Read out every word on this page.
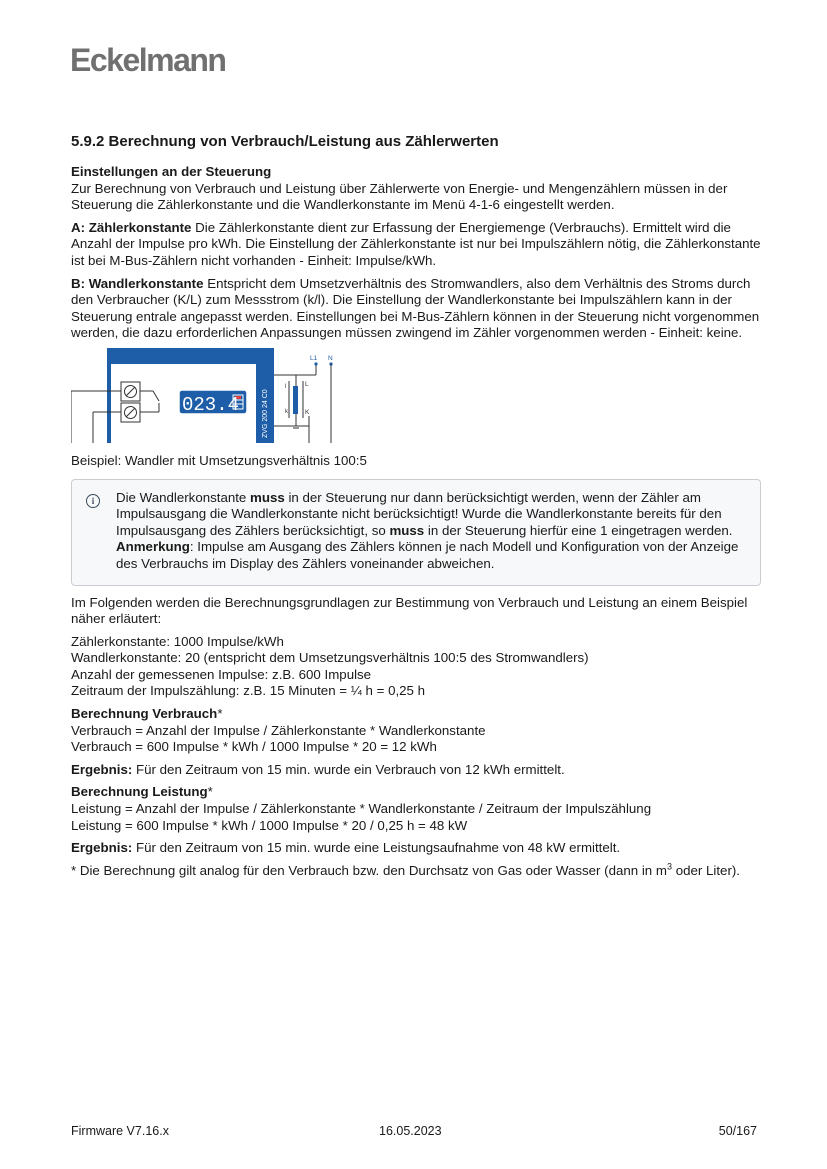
Eckelmann
5.9.2 Berechnung von Verbrauch/Leistung aus Zählerwerten

Einstellungen an der Steuerung
Zur Berechnung von Verbrauch und Leistung über Zählerwerte von Energie- und Mengenzählern müssen in der Steuerung die Zählerkonstante und die Wandlerkonstante im Menü 4-1-6 eingestellt werden.

A: Zählerkonstante Die Zählerkonstante dient zur Erfassung der Energiemenge (Verbrauchs). Ermittelt wird die Anzahl der Impulse pro kWh. Die Einstellung der Zählerkonstante ist nur bei Impulszählern nötig, die Zählerkonstante ist bei M-Bus-Zählern nicht vorhanden - Einheit: Impulse/kWh.

B: Wandlerkonstante Entspricht dem Umsetzverhältnis des Stromwandlers, also dem Verhältnis des Stroms durch den Verbraucher (K/L) zum Messstrom (k/l). Die Einstellung der Wandlerkonstante bei Impulszählern kann in der Steuerung entrale angepasst werden. Einstellungen bei M-Bus-Zählern können in der Steuerung nicht vorgenommen werden, die dazu erforderlichen Anpassungen müssen zwingend im Zähler vorgenommen werden - Einheit: keine.

ZVG 200 24 C0
023.4
L1 N
L
K
l
k

Beispiel: Wandler mit Umsetzungsverhältnis 100:5

i	Die Wandlerkonstante muss in der Steuerung nur dann berücksichtigt werden, wenn der Zähler am Impulsausgang die Wandlerkonstante nicht berücksichtigt! Wurde die Wandlerkonstante bereits für den Impulsausgang des Zählers berücksichtigt, so muss in der Steuerung hierfür eine 1 eingetragen werden. Anmerkung: Impulse am Ausgang des Zählers können je nach Modell und Konfiguration von der Anzeige des Verbrauchs im Display des Zählers voneinander abweichen.

Im Folgenden werden die Berechnungsgrundlagen zur Bestimmung von Verbrauch und Leistung an einem Beispiel näher erläutert:

Zählerkonstante: 1000 Impulse/kWh
Wandlerkonstante: 20 (entspricht dem Umsetzungsverhältnis 100:5 des Stromwandlers)
Anzahl der gemessenen Impulse: z.B. 600 Impulse
Zeitraum der Impulszählung: z.B. 15 Minuten = ¼ h = 0,25 h

Berechnung Verbrauch*
Verbrauch = Anzahl der Impulse / Zählerkonstante * Wandlerkonstante
Verbrauch = 600 Impulse * kWh / 1000 Impulse * 20 = 12 kWh

Ergebnis: Für den Zeitraum von 15 min. wurde ein Verbrauch von 12 kWh ermittelt.

Berechnung Leistung*
Leistung = Anzahl der Impulse / Zählerkonstante * Wandlerkonstante / Zeitraum der Impulszählung
Leistung = 600 Impulse * kWh / 1000 Impulse * 20 / 0,25 h = 48 kW

Ergebnis: Für den Zeitraum von 15 min. wurde eine Leistungsaufnahme von 48 kW ermittelt.

* Die Berechnung gilt analog für den Verbrauch bzw. den Durchsatz von Gas oder Wasser (dann in $m^3$ oder Liter).

Firmware V7.16.x	16.05.2023	50/167
